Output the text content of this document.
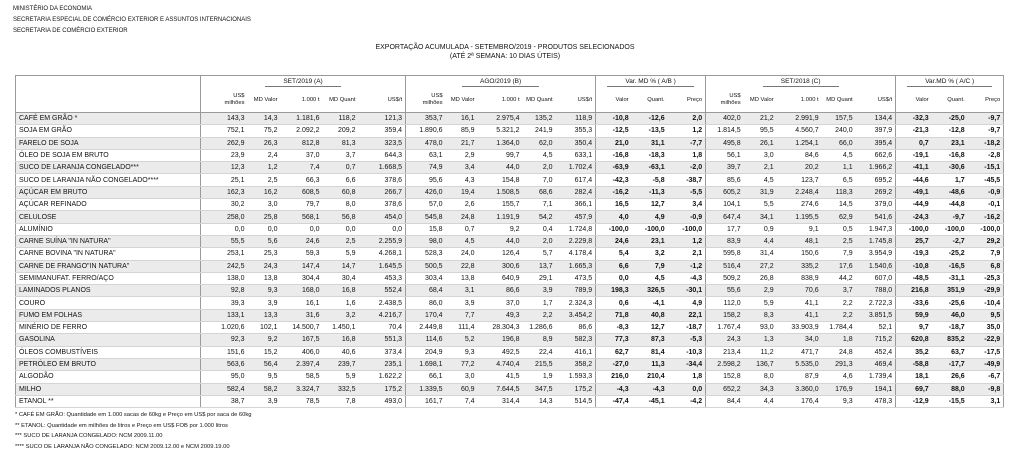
MINISTÉRIO DA ECONOMIA
SECRETARIA ESPECIAL DE COMÉRCIO EXTERIOR E ASSUNTOS INTERNACIONAIS
SECRETARIA DE COMÉRCIO EXTERIOR
EXPORTAÇÃO ACUMULADA - SETEMBRO/2019 - PRODUTOS SELECIONADOS
(ATÉ 2ª SEMANA: 10 DIAS ÚTEIS)
	SET/2019 (A)					AGO/2019 (B)					Var. MD % ( A/B )			SET/2018 (C)					Var.MD % ( A/C )		
	US$ milhões	MD Valor	1.000 t	MD Quant	US$/t	US$ milhões	MD Valor	1.000 t	MD Quant	US$/t	Valor	Quant.	Preço	US$ milhões	MD Valor	1.000 t	MD Quant	US$/t	Valor	Quant.	Preço
CAFÉ EM GRÃO *	143,3	14,3	1.181,6	118,2	121,3	353,7	16,1	2.975,4	135,2	118,9	-10,8	-12,6	2,0	402,0	21,2	2.991,9	157,5	134,4	-32,3	-25,0	-9,7
SOJA EM GRÃO	752,1	75,2	2.092,2	209,2	359,4	1.890,6	85,9	5.321,2	241,9	355,3	-12,5	-13,5	1,2	1.814,5	95,5	4.560,7	240,0	397,9	-21,3	-12,8	-9,7
FARELO DE SOJA	262,9	26,3	812,8	81,3	323,5	478,0	21,7	1.364,0	62,0	350,4	21,0	31,1	-7,7	495,8	26,1	1.254,1	66,0	395,4	0,7	23,1	-18,2
ÓLEO DE SOJA EM BRUTO	23,9	2,4	37,0	3,7	644,3	63,1	2,9	99,7	4,5	633,1	-16,8	-18,3	1,8	56,1	3,0	84,6	4,5	662,6	-19,1	-16,8	-2,8
SUCO DE LARANJA CONGELADO***	12,3	1,2	7,4	0,7	1.668,5	74,9	3,4	44,0	2,0	1.702,4	-63,9	-63,1	-2,0	39,7	2,1	20,2	1,1	1.966,2	-41,1	-30,6	-15,1
SUCO DE LARANJA NÃO CONGELADO****	25,1	2,5	66,3	6,6	378,6	95,6	4,3	154,8	7,0	617,4	-42,3	-5,8	-38,7	85,6	4,5	123,7	6,5	695,2	-44,6	1,7	-45,5
AÇÚCAR EM BRUTO	162,3	16,2	608,5	60,8	266,7	426,0	19,4	1.508,5	68,6	282,4	-16,2	-11,3	-5,5	605,2	31,9	2.248,4	118,3	269,2	-49,1	-48,6	-0,9
AÇÚCAR REFINADO	30,2	3,0	79,7	8,0	378,6	57,0	2,6	155,7	7,1	366,1	16,5	12,7	3,4	104,1	5,5	274,6	14,5	379,0	-44,9	-44,8	-0,1
CELULOSE	258,0	25,8	568,1	56,8	454,0	545,8	24,8	1.191,9	54,2	457,9	4,0	4,9	-0,9	647,4	34,1	1.195,5	62,9	541,6	-24,3	-9,7	-16,2
ALUMÍNIO	0,0	0,0	0,0	0,0	0,0	15,8	0,7	9,2	0,4	1.724,8	-100,0	-100,0	-100,0	17,7	0,9	9,1	0,5	1.947,3	-100,0	-100,0	-100,0
CARNE SUÍNA "IN NATURA"	55,5	5,6	24,6	2,5	2.255,9	98,0	4,5	44,0	2,0	2.229,8	24,6	23,1	1,2	83,9	4,4	48,1	2,5	1.745,8	25,7	-2,7	29,2
CARNE BOVINA "IN NATURA"	253,1	25,3	59,3	5,9	4.268,1	528,3	24,0	126,4	5,7	4.178,4	5,4	3,2	2,1	595,8	31,4	150,6	7,9	3.954,9	-19,3	-25,2	7,9
CARNE DE FRANGO"IN NATURA"	242,5	24,3	147,4	14,7	1.645,5	500,5	22,8	300,6	13,7	1.665,3	6,6	7,9	-1,2	516,4	27,2	335,2	17,6	1.540,6	-10,8	-16,5	6,8
SEMIMANUFAT. FERRO/AÇO	138,0	13,8	304,4	30,4	453,3	303,4	13,8	640,9	29,1	473,5	0,0	4,5	-4,3	509,2	26,8	838,9	44,2	607,0	-48,5	-31,1	-25,3
LAMINADOS PLANOS	92,8	9,3	168,0	16,8	552,4	68,4	3,1	86,6	3,9	789,9	198,3	326,5	-30,1	55,6	2,9	70,6	3,7	788,0	216,8	351,9	-29,9
COURO	39,3	3,9	16,1	1,6	2.438,5	86,0	3,9	37,0	1,7	2.324,3	0,6	-4,1	4,9	112,0	5,9	41,1	2,2	2.722,3	-33,6	-25,6	-10,4
FUMO EM FOLHAS	133,1	13,3	31,6	3,2	4.216,7	170,4	7,7	49,3	2,2	3.454,2	71,8	40,8	22,1	158,2	8,3	41,1	2,2	3.851,5	59,9	46,0	9,5
MINÉRIO DE FERRO	1.020,6	102,1	14.500,7	1.450,1	70,4	2.449,8	111,4	28.304,3	1.286,6	86,6	-8,3	12,7	-18,7	1.767,4	93,0	33.903,9	1.784,4	52,1	9,7	-18,7	35,0
GASOLINA	92,3	9,2	167,5	16,8	551,3	114,6	5,2	196,8	8,9	582,3	77,3	87,3	-5,3	24,3	1,3	34,0	1,8	715,2	620,8	835,2	-22,9
ÓLEOS COMBUSTÍVEIS	151,6	15,2	406,0	40,6	373,4	204,9	9,3	492,5	22,4	416,1	62,7	81,4	-10,3	213,4	11,2	471,7	24,8	452,4	35,2	63,7	-17,5
PETRÓLEO EM BRUTO	563,6	56,4	2.397,4	239,7	235,1	1.698,1	77,2	4.740,4	215,5	358,2	-27,0	11,3	-34,4	2.598,2	136,7	5.535,0	291,3	469,4	-58,8	-17,7	-49,9
ALGODÃO	95,0	9,5	58,5	5,9	1.622,2	66,1	3,0	41,5	1,9	1.593,3	216,0	210,4	1,8	152,8	8,0	87,9	4,6	1.739,4	18,1	26,6	-6,7
MILHO	582,4	58,2	3.324,7	332,5	175,2	1.339,5	60,9	7.644,5	347,5	175,2	-4,3	-4,3	0,0	652,2	34,3	3.360,0	176,9	194,1	69,7	88,0	-9,8
ETANOL **	38,7	3,9	78,5	7,8	493,0	161,7	7,4	314,4	14,3	514,5	-47,4	-45,1	-4,2	84,4	4,4	176,4	9,3	478,3	-12,9	-15,5	3,1
* CAFÉ EM GRÃO: Quantidade em 1.000 sacas de 60kg e Preço em US$ por saca de 60kg
** ETANOL: Quantidade em milhões de litros e Preço em US$ FOB por 1.000 litros
*** SUCO DE LARANJA CONGELADO: NCM 2009.11.00
**** SUCO DE LARANJA NÃO CONGELADO: NCM 2009.12.00 e NCM 2009.19.00
